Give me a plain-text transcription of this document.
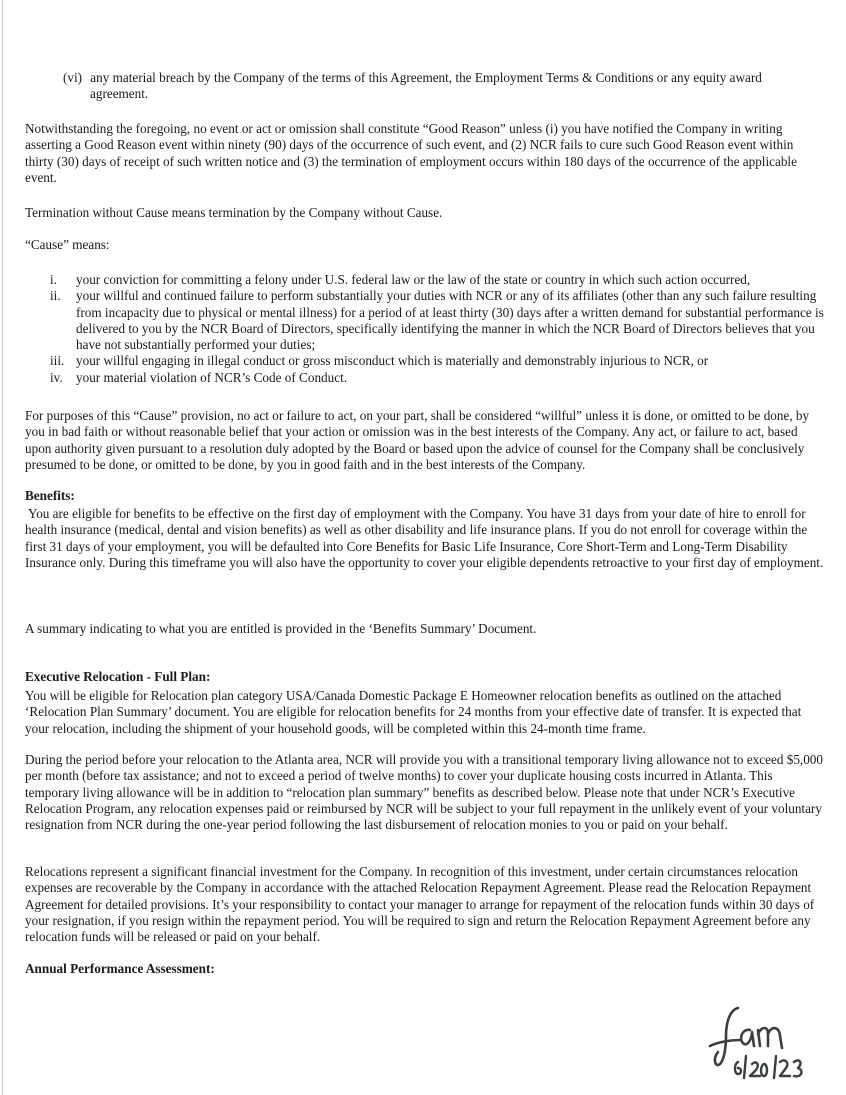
(vi) any material breach by the Company of the terms of this Agreement, the Employment Terms & Conditions or any equity award
agreement.

Notwithstanding the foregoing, no event or act or omission shall constitute “Good Reason” unless (i) you have notified the Company in writing asserting a Good Reason event within ninety (90) days of the occurrence of such event, and (2) NCR fails to cure such Good Reason event within thirty (30) days of receipt of such written notice and (3) the termination of employment occurs within 180 days of the occurrence of the applicable event.

Termination without Cause means termination by the Company without Cause.

“Cause” means:

i.	your conviction for committing a felony under U.S. federal law or the law of the state or country in which such action occurred,
ii.	your willful and continued failure to perform substantially your duties with NCR or any of its affiliates (other than any such failure resulting from incapacity due to physical or mental illness) for a period of at least thirty (30) days after a written demand for substantial performance is delivered to you by the NCR Board of Directors, specifically identifying the manner in which the NCR Board of Directors believes that you have not substantially performed your duties;
iii. your willful engaging in illegal conduct or gross misconduct which is materially and demonstrably injurious to NCR, or
iv.	your material violation of NCR’s Code of Conduct.

For purposes of this “Cause” provision, no act or failure to act, on your part, shall be considered “willful” unless it is done, or omitted to be done, by you in bad faith or without reasonable belief that your action or omission was in the best interests of the Company. Any act, or failure to act, based upon authority given pursuant to a resolution duly adopted by the Board or based upon the advice of counsel for the Company shall be conclusively presumed to be done, or omitted to be done, by you in good faith and in the best interests of the Company.

Benefits:

You are eligible for benefits to be effective on the first day of employment with the Company. You have 31 days from your date of hire to enroll for health insurance (medical, dental and vision benefits) as well as other disability and life insurance plans. If you do not enroll for coverage within the first 31 days of your employment, you will be defaulted into Core Benefits for Basic Life Insurance, Core Short-Term and Long-Term Disability Insurance only. During this timeframe you will also have the opportunity to cover your eligible dependents retroactive to your first day of employment.

A summary indicating to what you are entitled is provided in the ‘Benefits Summary’ Document.

Executive Relocation - Full Plan:

You will be eligible for Relocation plan category USA/Canada Domestic Package E Homeowner relocation benefits as outlined on the attached ‘Relocation Plan Summary’ document. You are eligible for relocation benefits for 24 months from your effective date of transfer. It is expected that your relocation, including the shipment of your household goods, will be completed within this 24-month time frame.

During the period before your relocation to the Atlanta area, NCR will provide you with a transitional temporary living allowance not to exceed $5,000 per month (before tax assistance; and not to exceed a period of twelve months) to cover your duplicate housing costs incurred in Atlanta. This temporary living allowance will be in addition to “relocation plan summary” benefits as described below. Please note that under NCR’s Executive Relocation Program, any relocation expenses paid or reimbursed by NCR will be subject to your full repayment in the unlikely event of your voluntary resignation from NCR during the one-year period following the last disbursement of relocation monies to you or paid on your behalf.

Relocations represent a significant financial investment for the Company. In recognition of this investment, under certain circumstances relocation expenses are recoverable by the Company in accordance with the attached Relocation Repayment Agreement. Please read the Relocation Repayment Agreement for detailed provisions. It’s your responsibility to contact your manager to arrange for repayment of the relocation funds within 30 days of your resignation, if you resign within the repayment period. You will be required to sign and return the Relocation Repayment Agreement before any relocation funds will be released or paid on your behalf.

Annual Performance Assessment:
